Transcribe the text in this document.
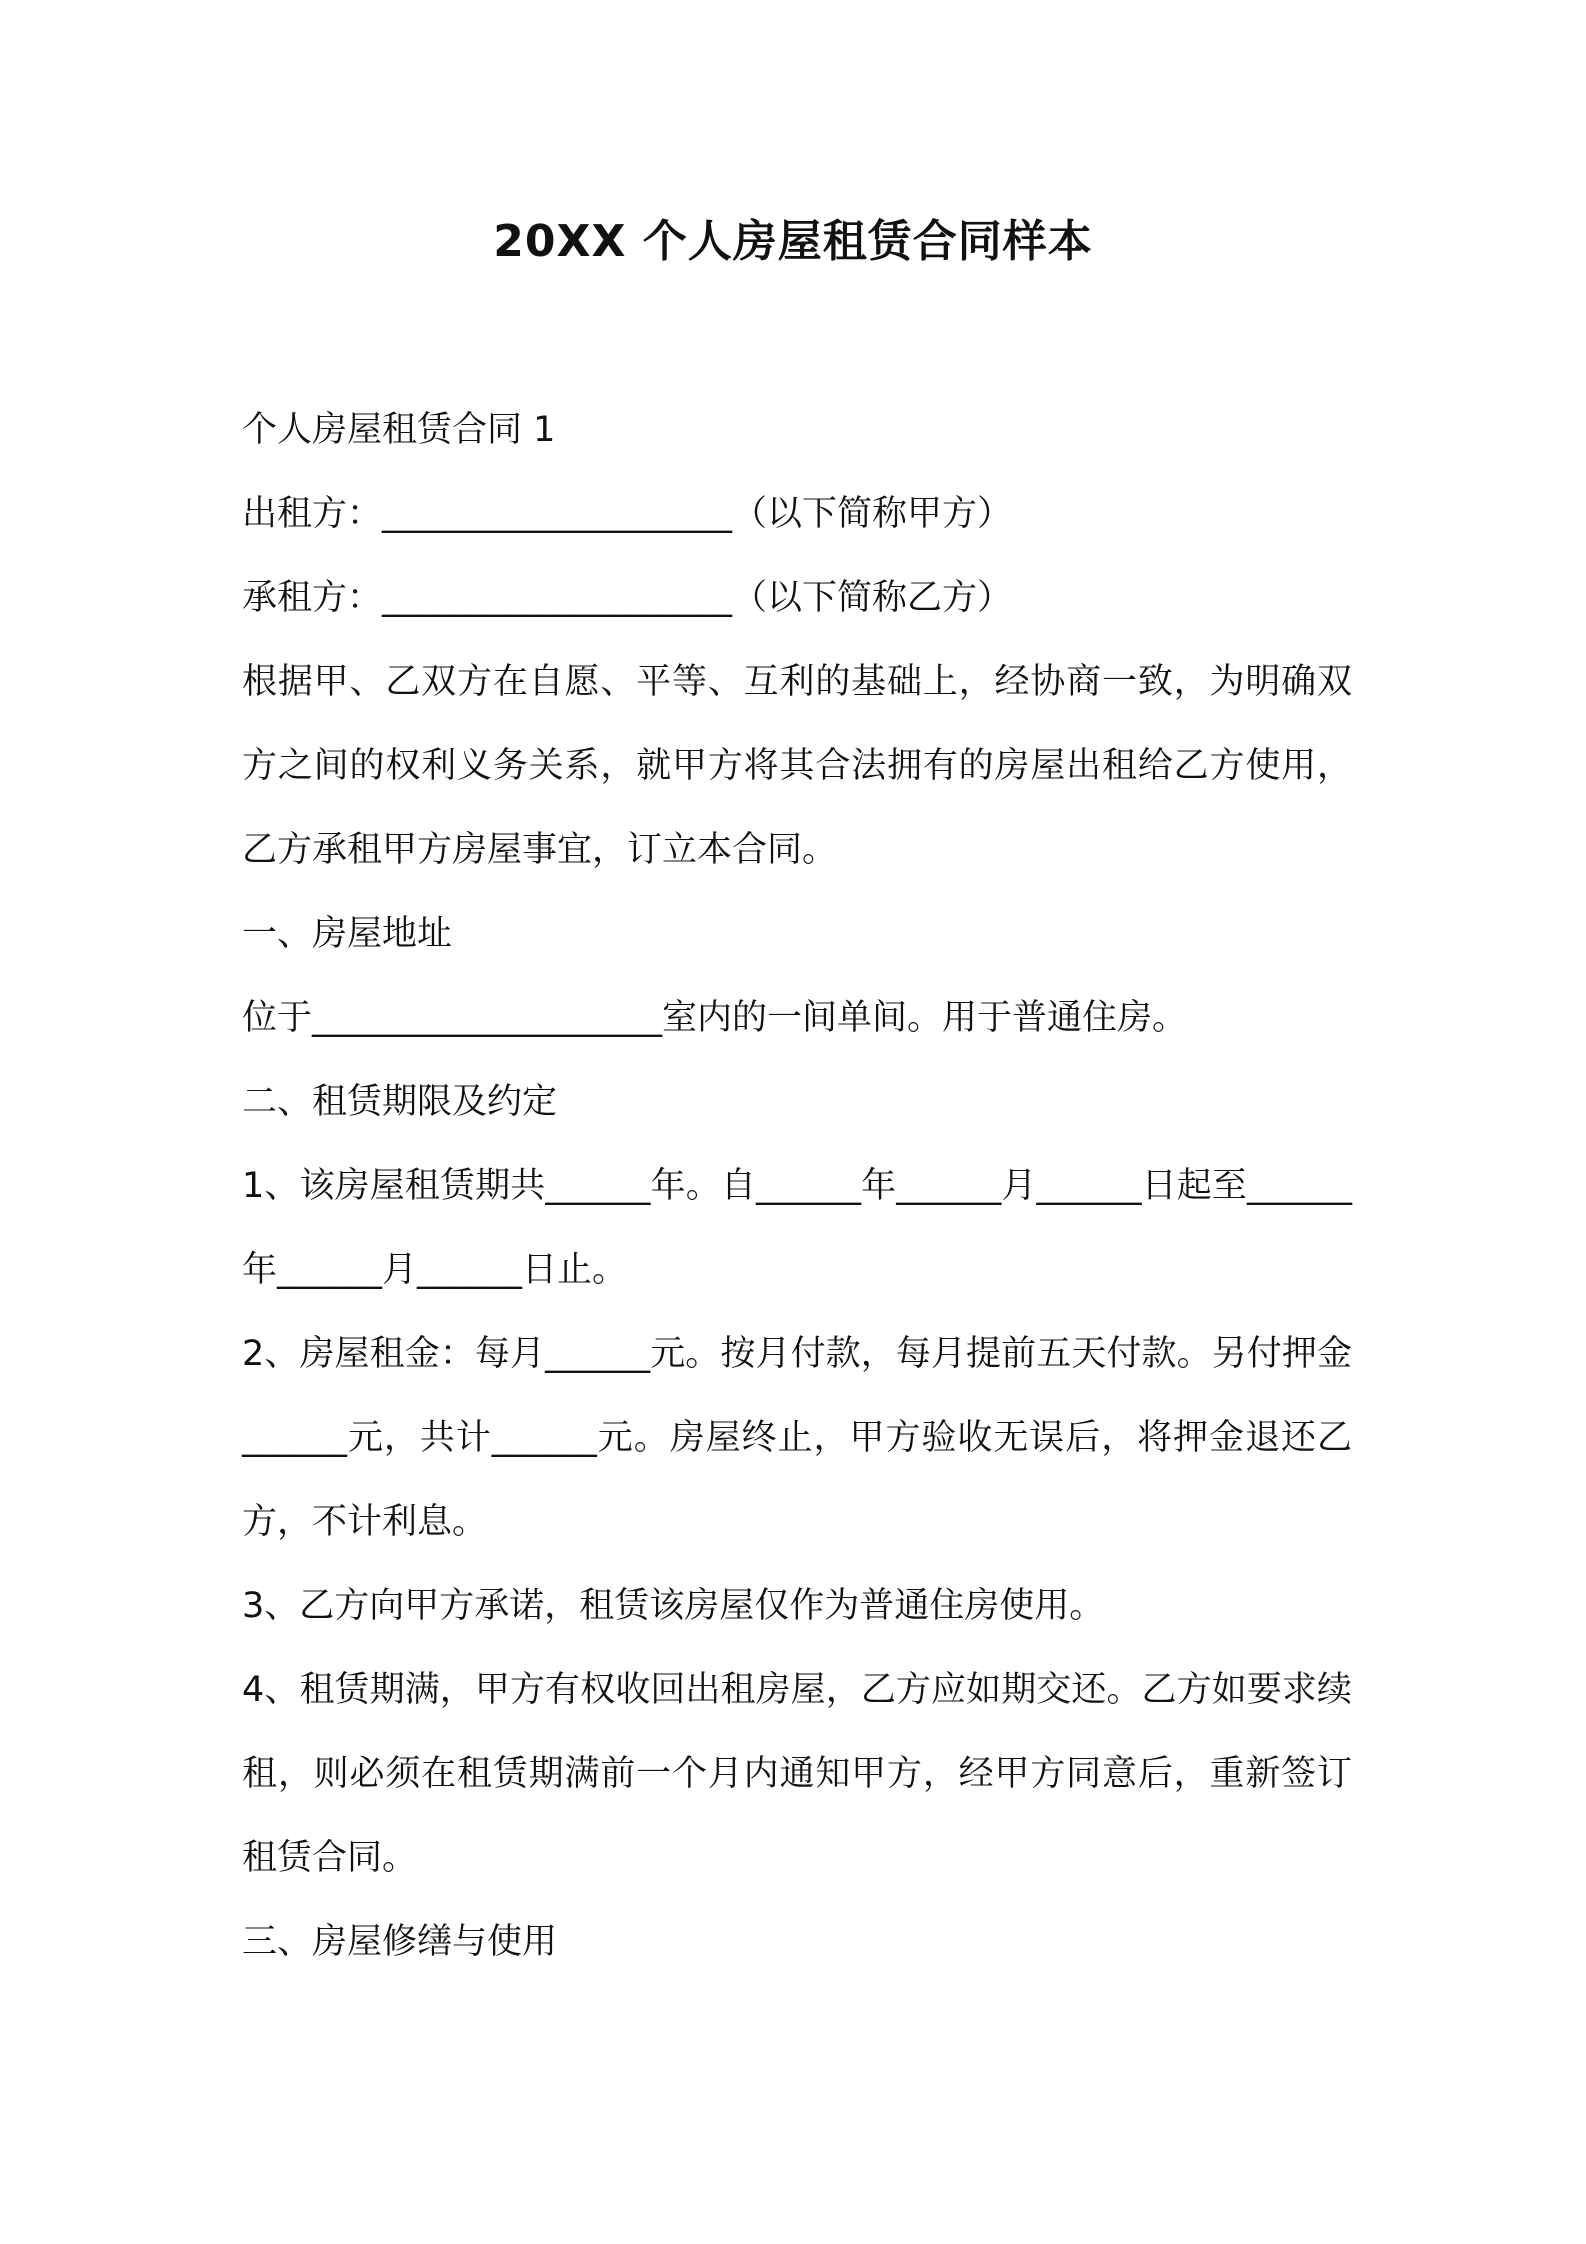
20XX 个人房屋租赁合同样本
个人房屋租赁合同 1
出租方：____________________（以下简称甲方）
承租方：____________________（以下简称乙方）
根据甲、乙双方在自愿、平等、互利的基础上，经协商一致，为明确双方之间的权利义务关系，就甲方将其合法拥有的房屋出租给乙方使用，乙方承租甲方房屋事宜，订立本合同。
一、房屋地址
位于____________________室内的一间单间。用于普通住房。
二、租赁期限及约定
1、该房屋租赁期共______年。自______年______月______日起至______年______月______日止。
2、房屋租金：每月______元。按月付款，每月提前五天付款。另付押金______元，共计______元。房屋终止，甲方验收无误后，将押金退还乙方，不计利息。
3、乙方向甲方承诺，租赁该房屋仅作为普通住房使用。
4、租赁期满，甲方有权收回出租房屋，乙方应如期交还。乙方如要求续租，则必须在租赁期满前一个月内通知甲方，经甲方同意后，重新签订租赁合同。
三、房屋修缮与使用
